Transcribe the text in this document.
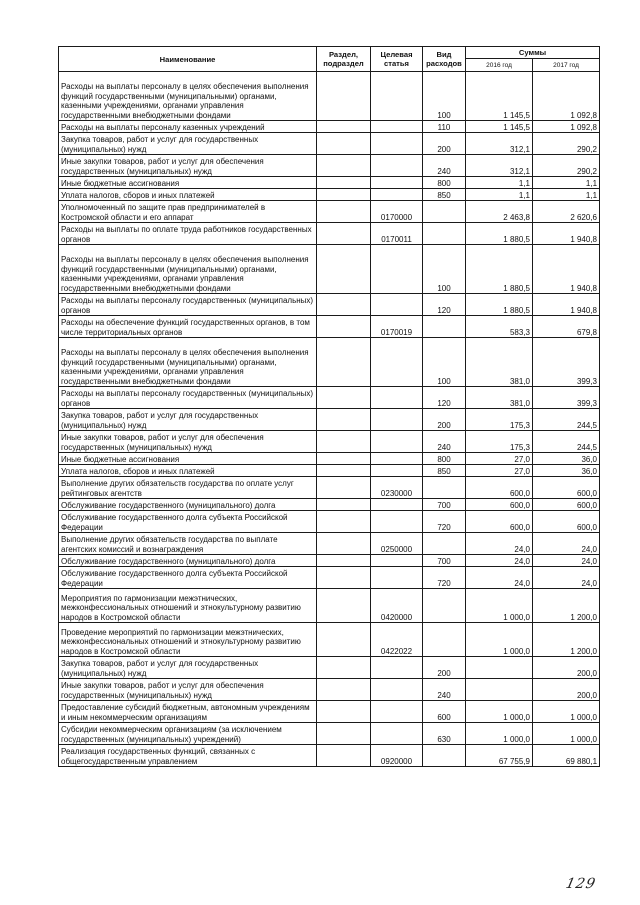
Наименование	Раздел, подраздел	Целевая статья	Вид расходов	Суммы	
				2016 год	2017 год
Расходы на выплаты персоналу в целях обеспечения выполнения функций государственными (муниципальными) органами, казенными учреждениями, органами управления государственными внебюджетными фондами			100	1 145,5	1 092,8
Расходы на выплаты персоналу казенных учреждений			110	1 145,5	1 092,8
Закупка товаров, работ и услуг для государственных (муниципальных) нужд			200	312,1	290,2
Иные закупки товаров, работ и услуг для обеспечения государственных (муниципальных) нужд			240	312,1	290,2
Иные бюджетные ассигнования			800	1,1	1,1
Уплата налогов, сборов и иных платежей			850	1,1	1,1
Уполномоченный по защите прав предпринимателей в Костромской области и его аппарат		0170000		2 463,8	2 620,6
Расходы на выплаты по оплате труда работников государственных органов		0170011		1 880,5	1 940,8
Расходы на выплаты персоналу в целях обеспечения выполнения функций государственными (муниципальными) органами, казенными учреждениями, органами управления государственными внебюджетными фондами			100	1 880,5	1 940,8
Расходы на выплаты персоналу государственных (муниципальных) органов			120	1 880,5	1 940,8
Расходы на обеспечение функций государственных органов, в том числе территориальных органов		0170019		583,3	679,8
Расходы на выплаты персоналу в целях обеспечения выполнения функций государственными (муниципальными) органами, казенными учреждениями, органами управления государственными внебюджетными фондами			100	381,0	399,3
Расходы на выплаты персоналу государственных (муниципальных) органов			120	381,0	399,3
Закупка товаров, работ и услуг для государственных (муниципальных) нужд			200	175,3	244,5
Иные закупки товаров, работ и услуг для обеспечения государственных (муниципальных) нужд			240	175,3	244,5
Иные бюджетные ассигнования			800	27,0	36,0
Уплата налогов, сборов и иных платежей			850	27,0	36,0
Выполнение других обязательств государства по оплате услуг рейтинговых агентств		0230000		600,0	600,0
Обслуживание государственного (муниципального) долга			700	600,0	600,0
Обслуживание государственного долга субъекта Российской Федерации			720	600,0	600,0
Выполнение других обязательств государства по выплате агентских комиссий и вознаграждения		0250000		24,0	24,0
Обслуживание государственного (муниципального) долга			700	24,0	24,0
Обслуживание государственного долга субъекта Российской Федерации			720	24,0	24,0
Мероприятия по гармонизации межэтнических, межконфессиональных отношений и этнокультурному развитию народов в Костромской области		0420000		1 000,0	1 200,0
Проведение мероприятий по гармонизации межэтнических, межконфессиональных отношений и этнокультурному развитию народов в Костромской области		0422022		1 000,0	1 200,0
Закупка товаров, работ и услуг для государственных (муниципальных) нужд			200		200,0
Иные закупки товаров, работ и услуг для обеспечения государственных (муниципальных) нужд			240		200,0
Предоставление субсидий бюджетным, автономным учреждениям и иным некоммерческим организациям			600	1 000,0	1 000,0
Субсидии некоммерческим организациям (за исключением государственных (муниципальных) учреждений)			630	1 000,0	1 000,0
Реализация государственных функций, связанных с общегосударственным управлением		0920000		67 755,9	69 880,1
129
